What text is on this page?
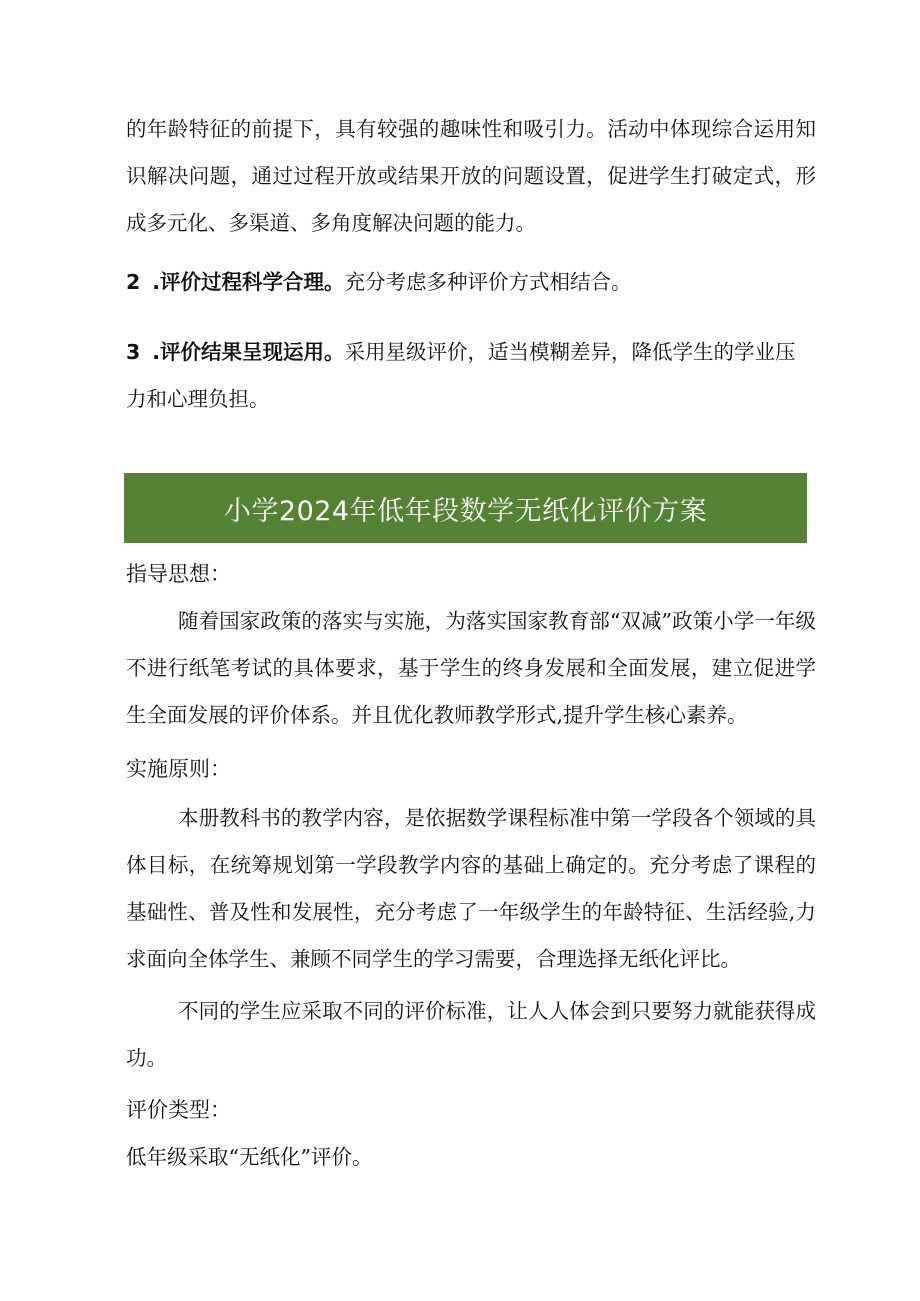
的年龄特征的前提下，具有较强的趣味性和吸引力。活动中体现综合运用知识解决问题，通过过程开放或结果开放的问题设置，促进学生打破定式，形成多元化、多渠道、多角度解决问题的能力。

2 .评价过程科学合理。充分考虑多种评价方式相结合。

3 .评价结果呈现运用。采用星级评价，适当模糊差异，降低学生的学业压力和心理负担。

小学2024年低年段数学无纸化评价方案
指导思想：

随着国家政策的落实与实施，为落实国家教育部“双减”政策小学一年级不进行纸笔考试的具体要求，基于学生的终身发展和全面发展，建立促进学生全面发展的评价体系。并且优化教师教学形式,提升学生核心素养。

实施原则：

本册教科书的教学内容，是依据数学课程标准中第一学段各个领域的具体目标，在统筹规划第一学段教学内容的基础上确定的。充分考虑了课程的基础性、普及性和发展性，充分考虑了一年级学生的年龄特征、生活经验,力求面向全体学生、兼顾不同学生的学习需要，合理选择无纸化评比。

不同的学生应采取不同的评价标准，让人人体会到只要努力就能获得成功。

评价类型：

低年级采取“无纸化”评价。
